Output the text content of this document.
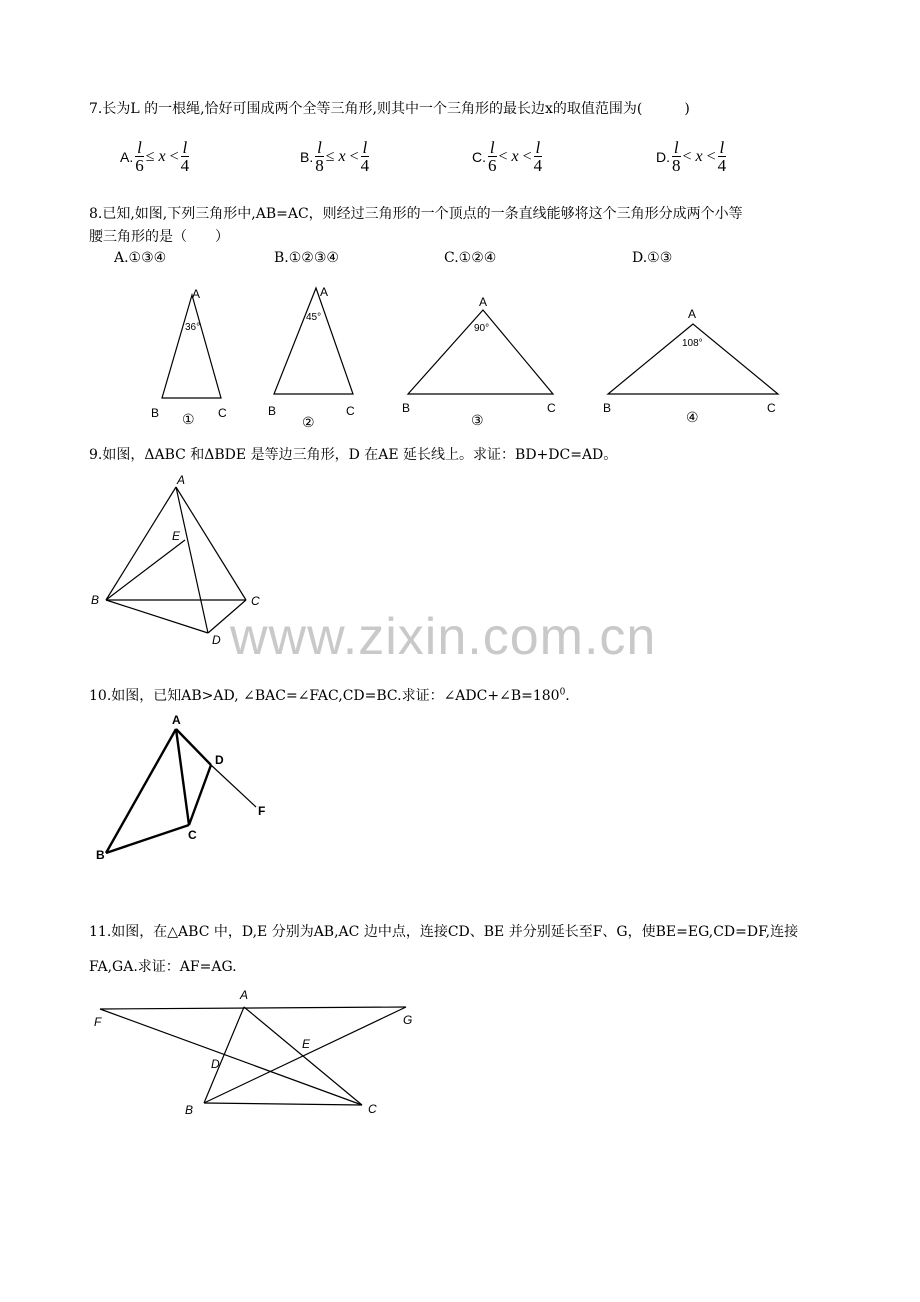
7.长为L 的一根绳,恰好可围成两个全等三角形,则其中一个三角形的最长边x的取值范围为(　　　)
A. $\frac{l}{6} \le x < \frac{l}{4}$	B. $\frac{l}{8} \le x < \frac{l}{4}$	C. $\frac{l}{6} < x < \frac{l}{4}$	D. $\frac{l}{8} < x < \frac{l}{4}$
8.已知,如图,下列三角形中,AB=AC，则经过三角形的一个顶点的一条直线能够将这个三角形分成两个小等
腰三角形的是（　　）
A.①③④	B.①②③④	C.①②④	D.①③
A
36°
B	C
①
A
45°
B	C
②
A
90°
B	C
③
A
108°
B	C
④
9.如图，ΔABC 和ΔBDE 是等边三角形，D 在AE 延长线上。求证：BD+DC=AD。
A
E
B	C
D www.zixin.com.cn
10.如图，已知AB>AD, ∠BAC=∠FAC,CD=BC.求证：$\angle ADC+\angle B=180^0$.
A
D
F
C
B
11.如图，在△ABC 中，D,E 分别为AB,AC 边中点，连接CD、BE 并分别延长至F、G，使BE=EG,CD=DF,连接
FA,GA.求证：AF=AG.
A
F	G
E
D
B	C
